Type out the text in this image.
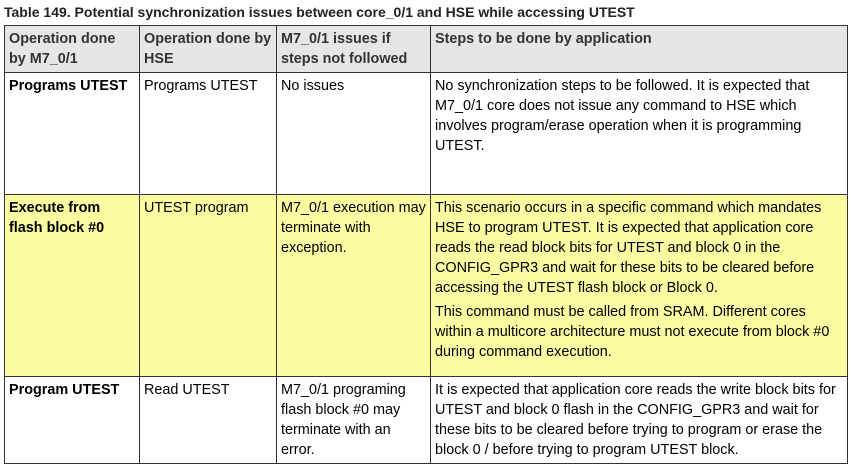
Table 149. Potential synchronization issues between core_0/1 and HSE while accessing UTEST
Operation done by M7_0/1	Operation done by HSE	M7_0/1 issues if steps not followed	Steps to be done by application
Programs UTEST	Programs UTEST	No issues	No synchronization steps to be followed. It is expected that M7_0/1 core does not issue any command to HSE which involves program/erase operation when it is programming UTEST.

Execute from flash block #0	UTEST program	M7_0/1 execution may terminate with exception.	This scenario occurs in a specific command which mandates HSE to program UTEST. It is expected that application core reads the read block bits for UTEST and block 0 in the CONFIG_GPR3 and wait for these bits to be cleared before accessing the UTEST flash block or Block 0.

This command must be called from SRAM. Different cores within a multicore architecture must not execute from block #0 during command execution.

Program UTEST	Read UTEST	M7_0/1 programing flash block #0 may terminate with an error.	It is expected that application core reads the write block bits for UTEST and block 0 flash in the CONFIG_GPR3 and wait for these bits to be cleared before trying to program or erase the block 0 / before trying to program UTEST block.
